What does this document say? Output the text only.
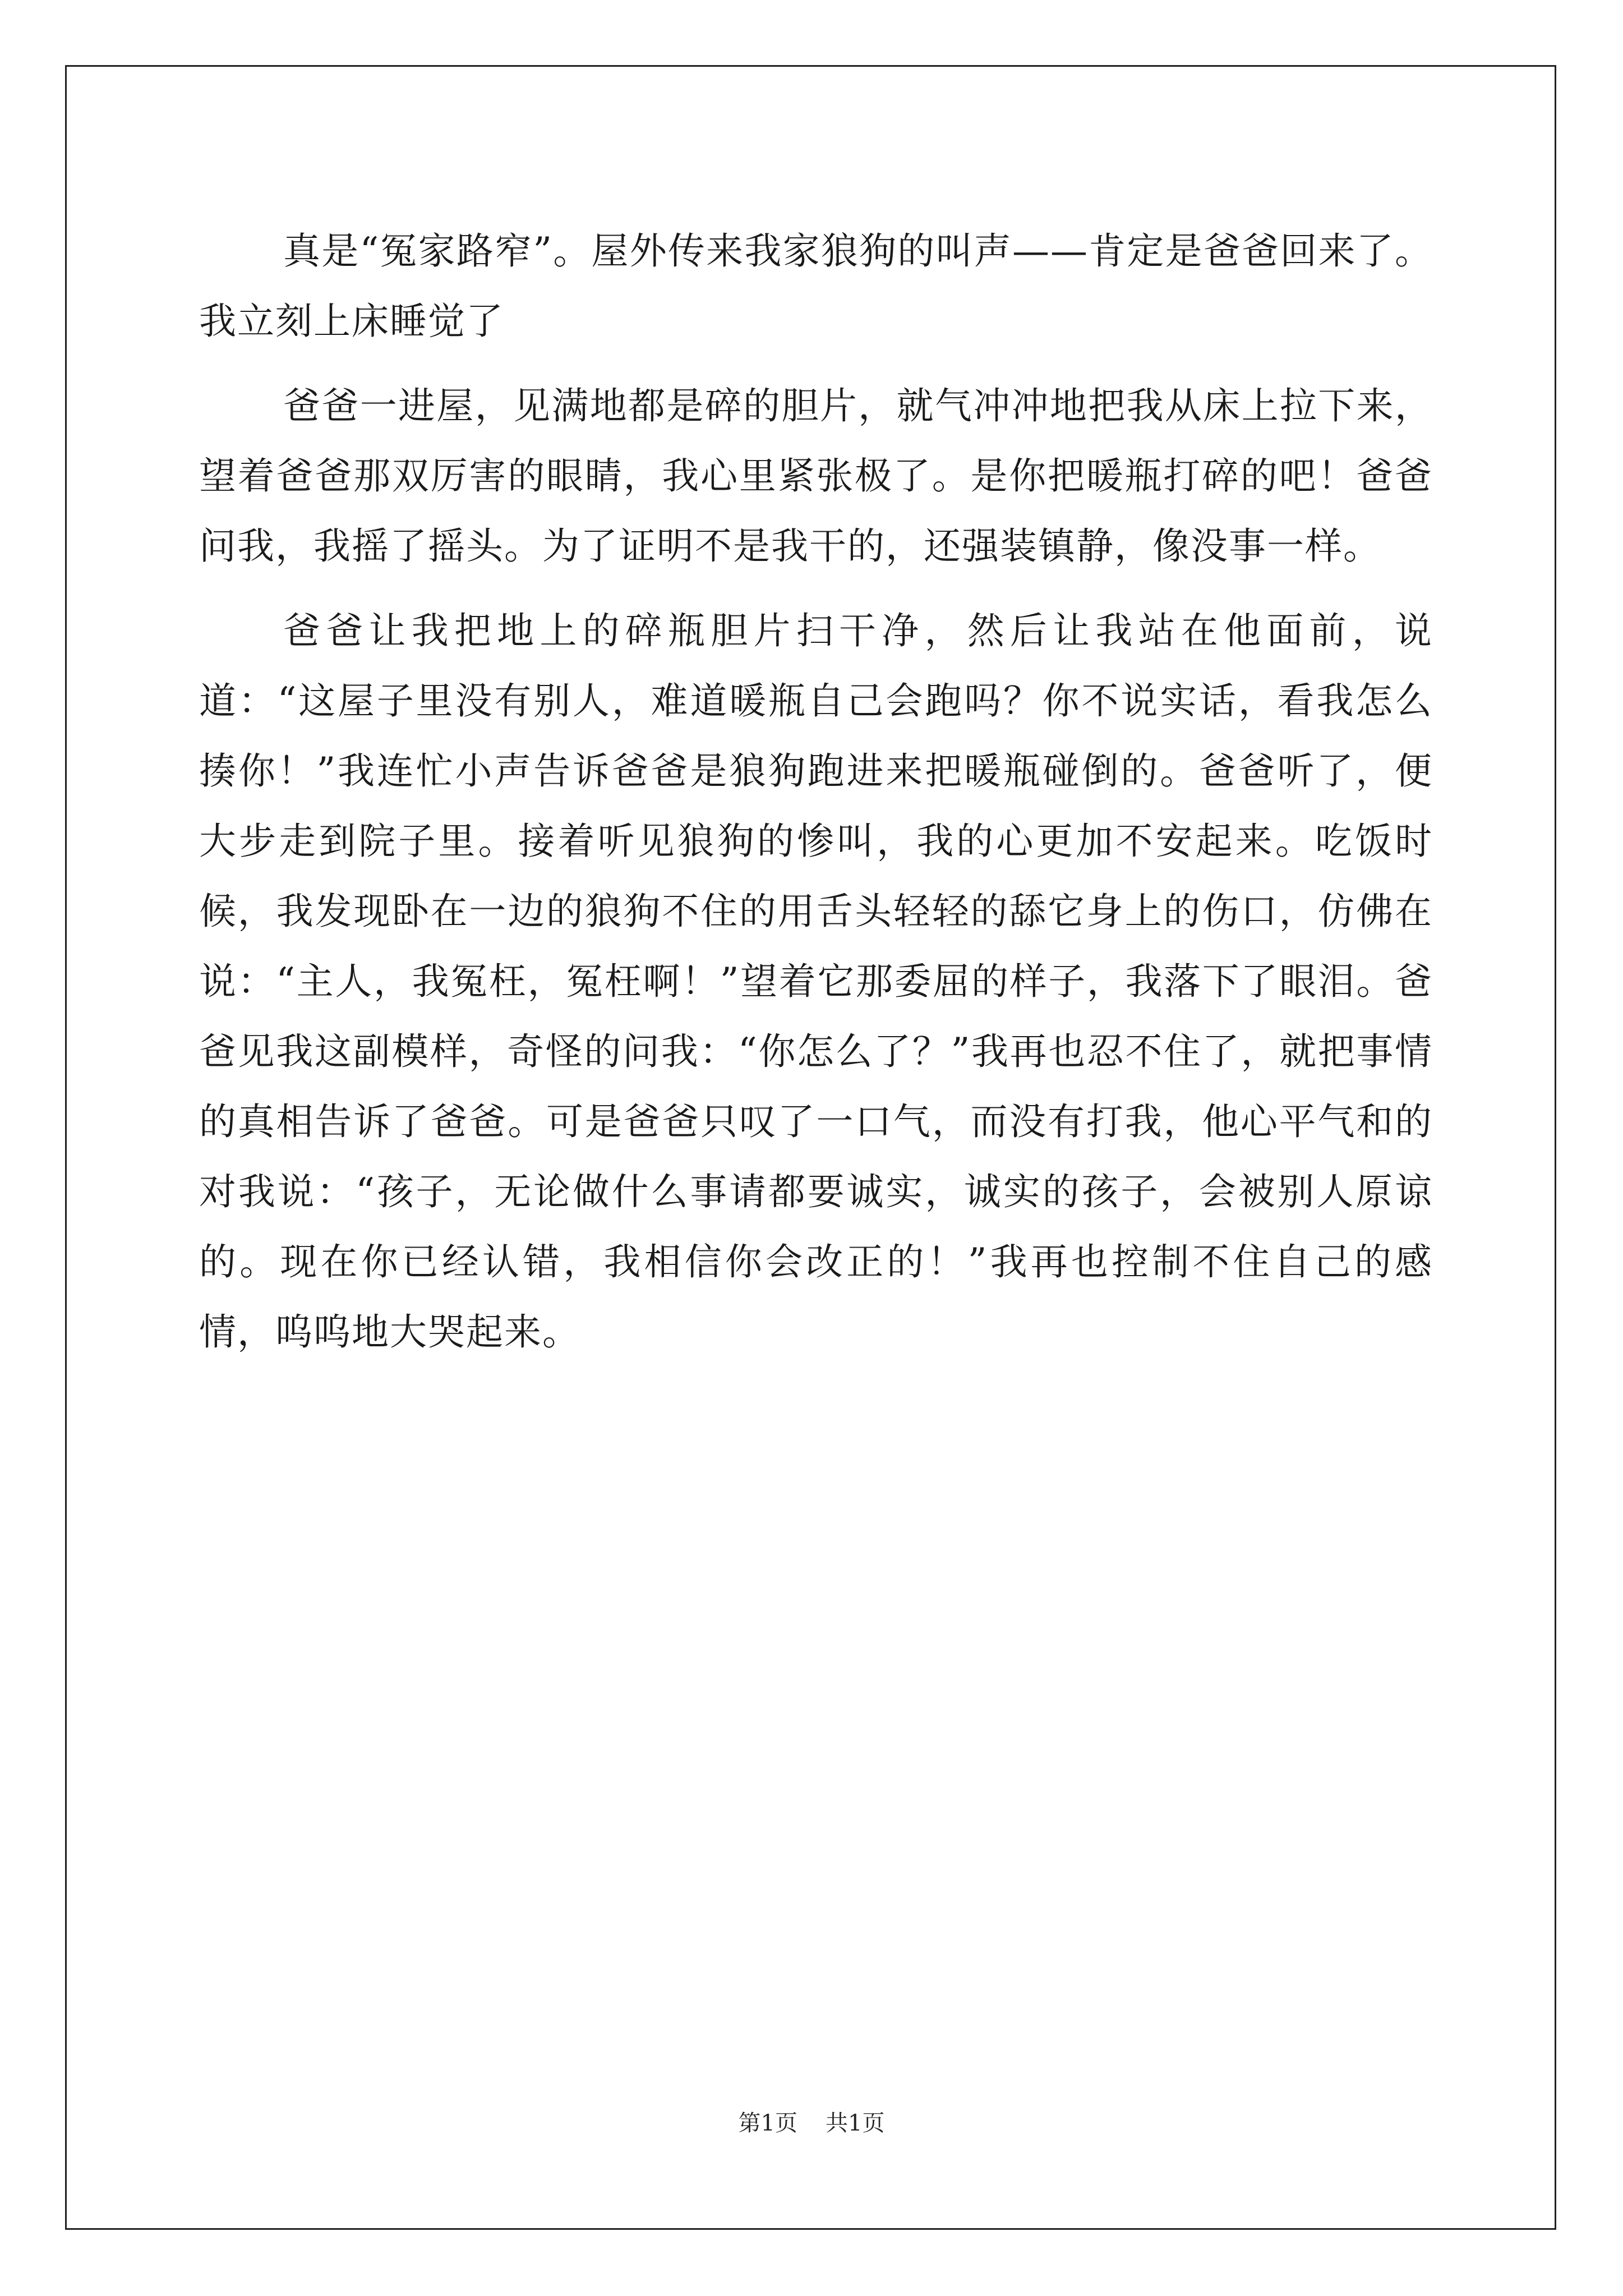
真是“冤家路窄”。屋外传来我家狼狗的叫声——肯定是爸爸回来了。我立刻上床睡觉了

爸爸一进屋，见满地都是碎的胆片，就气冲冲地把我从床上拉下来，望着爸爸那双厉害的眼睛，我心里紧张极了。是你把暖瓶打碎的吧！爸爸问我，我摇了摇头。为了证明不是我干的，还强装镇静，像没事一样。

爸爸让我把地上的碎瓶胆片扫干净，然后让我站在他面前，说道：“这屋子里没有别人，难道暖瓶自己会跑吗？你不说实话，看我怎么揍你！”我连忙小声告诉爸爸是狼狗跑进来把暖瓶碰倒的。爸爸听了，便大步走到院子里。接着听见狼狗的惨叫，我的心更加不安起来。吃饭时候，我发现卧在一边的狼狗不住的用舌头轻轻的舔它身上的伤口，仿佛在说：“主人，我冤枉，冤枉啊！”望着它那委屈的样子，我落下了眼泪。爸爸见我这副模样，奇怪的问我：“你怎么了？”我再也忍不住了，就把事情的真相告诉了爸爸。可是爸爸只叹了一口气，而没有打我，他心平气和的对我说：“孩子，无论做什么事请都要诚实，诚实的孩子，会被别人原谅的。现在你已经认错，我相信你会改正的！”我再也控制不住自己的感情，呜呜地大哭起来。

第1页 共1页
